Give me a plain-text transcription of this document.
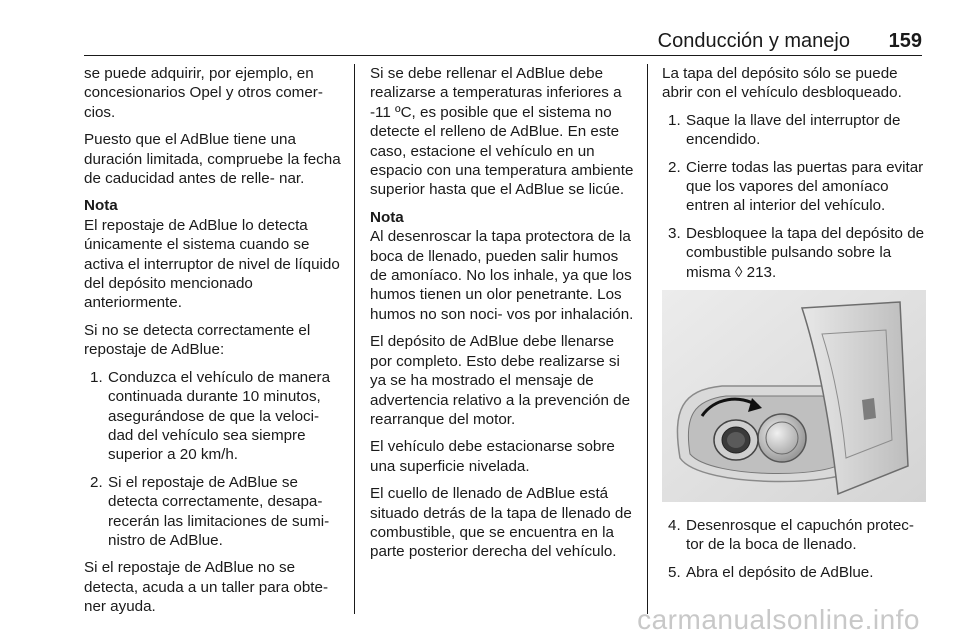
Conducción y manejo 159

se puede adquirir, por ejemplo, en concesionarios Opel y otros comer- cios.

Puesto que el AdBlue tiene una duración limitada, compruebe la fecha de caducidad antes de relle- nar.

Nota
El repostaje de AdBlue lo detecta únicamente el sistema cuando se activa el interruptor de nivel de líquido del depósito mencionado anteriormente.

Si no se detecta correctamente el repostaje de AdBlue:

1. Conduzca el vehículo de manera continuada durante 10 minutos, asegurándose de que la veloci- dad del vehículo sea siempre superior a 20 km/h.
2. Si el repostaje de AdBlue se detecta correctamente, desapa- recerán las limitaciones de sumi- nistro de AdBlue.

Si el repostaje de AdBlue no se detecta, acuda a un taller para obte- ner ayuda.

Si se debe rellenar el AdBlue debe realizarse a temperaturas inferiores a -11 ºC, es posible que el sistema no detecte el relleno de AdBlue. En este caso, estacione el vehículo en un espacio con una temperatura ambiente superior hasta que el AdBlue se licúe.

Nota
Al desenroscar la tapa protectora de la boca de llenado, pueden salir humos de amoníaco. No los inhale, ya que los humos tienen un olor penetrante. Los humos no son noci- vos por inhalación.

El depósito de AdBlue debe llenarse por completo. Esto debe realizarse si ya se ha mostrado el mensaje de advertencia relativo a la prevención de rearranque del motor.

El vehículo debe estacionarse sobre una superficie nivelada.

El cuello de llenado de AdBlue está situado detrás de la tapa de llenado de combustible, que se encuentra en la parte posterior derecha del vehículo.

La tapa del depósito sólo se puede abrir con el vehículo desbloqueado.

1. Saque la llave del interruptor de encendido.
2. Cierre todas las puertas para evitar que los vapores del amoníaco entren al interior del vehículo.
3. Desbloquee la tapa del depósito de combustible pulsando sobre la misma ◊ 213.
4. Desenrosque el capuchón protec- tor de la boca de llenado.
5. Abra el depósito de AdBlue.
carmanualsonline.info
